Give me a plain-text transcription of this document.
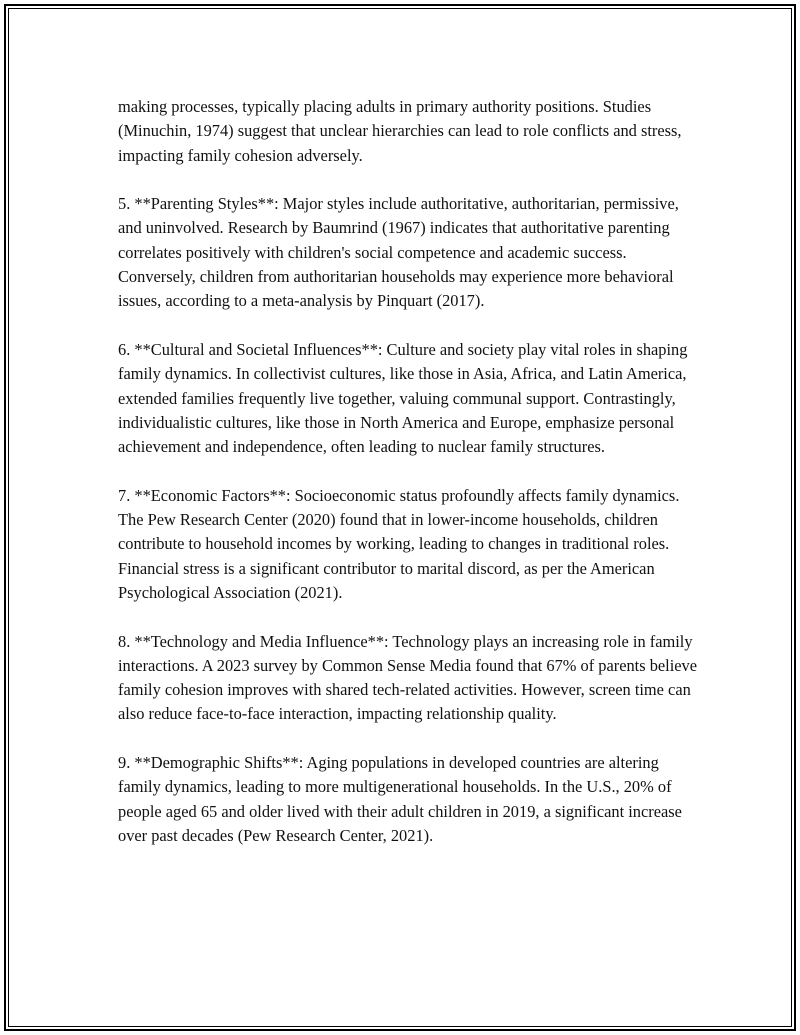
making processes, typically placing adults in primary authority positions. Studies (Minuchin, 1974) suggest that unclear hierarchies can lead to role conflicts and stress, impacting family cohesion adversely.

5. **Parenting Styles**: Major styles include authoritative, authoritarian, permissive, and uninvolved. Research by Baumrind (1967) indicates that authoritative parenting correlates positively with children's social competence and academic success. Conversely, children from authoritarian households may experience more behavioral issues, according to a meta-analysis by Pinquart (2017).

6. **Cultural and Societal Influences**: Culture and society play vital roles in shaping family dynamics. In collectivist cultures, like those in Asia, Africa, and Latin America, extended families frequently live together, valuing communal support. Contrastingly, individualistic cultures, like those in North America and Europe, emphasize personal achievement and independence, often leading to nuclear family structures.

7. **Economic Factors**: Socioeconomic status profoundly affects family dynamics. The Pew Research Center (2020) found that in lower-income households, children contribute to household incomes by working, leading to changes in traditional roles. Financial stress is a significant contributor to marital discord, as per the American Psychological Association (2021).

8. **Technology and Media Influence**: Technology plays an increasing role in family interactions. A 2023 survey by Common Sense Media found that 67% of parents believe family cohesion improves with shared tech-related activities. However, screen time can also reduce face-to-face interaction, impacting relationship quality.

9. **Demographic Shifts**: Aging populations in developed countries are altering family dynamics, leading to more multigenerational households. In the U.S., 20% of people aged 65 and older lived with their adult children in 2019, a significant increase over past decades (Pew Research Center, 2021).
